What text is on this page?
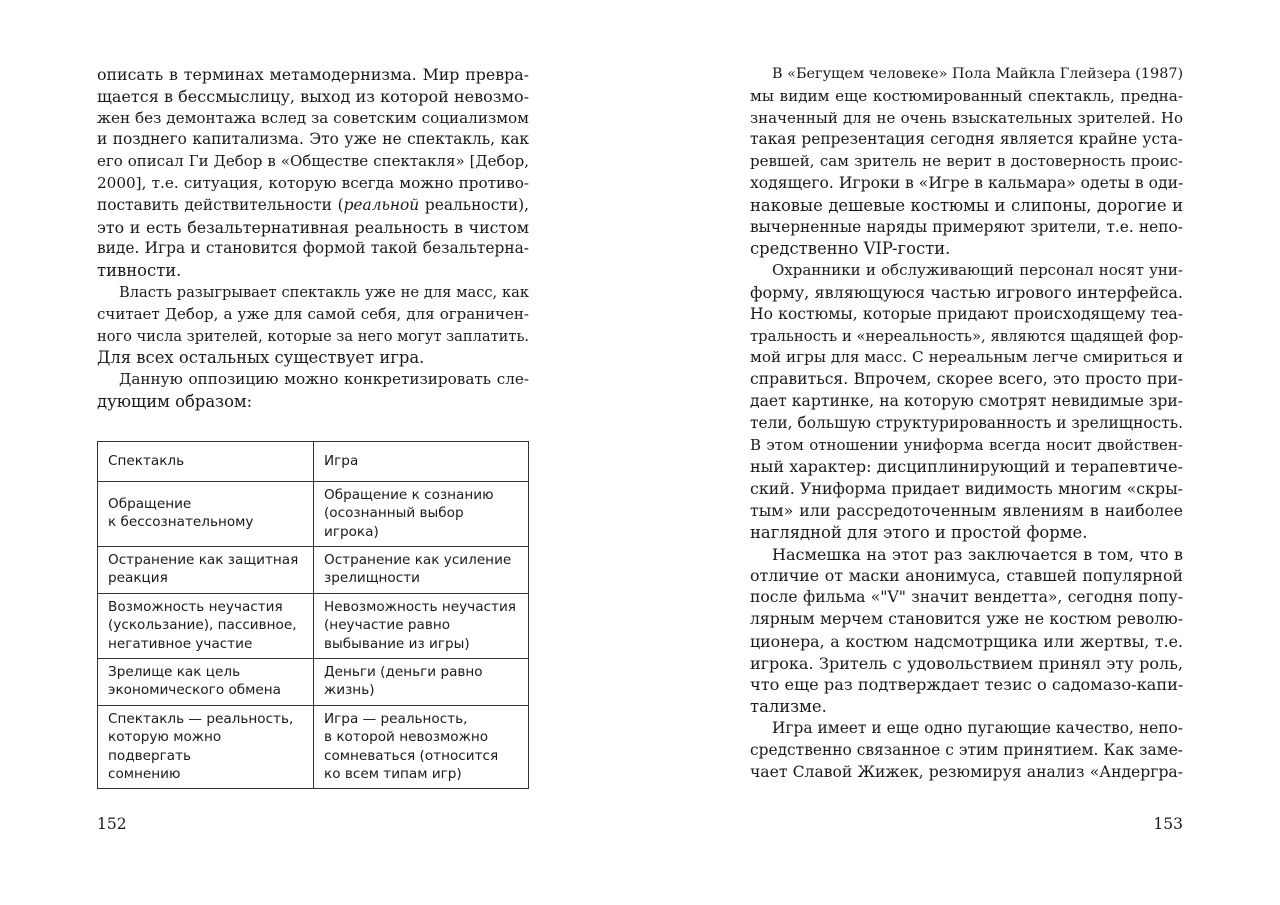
описать в терминах метамодернизма. Мир превра-
щается в бессмыслицу, выход из которой невозмо-
жен без демонтажа вслед за советским социализмом
и позднего капитализма. Это уже не спектакль, как
его описал Ги Дебор в «Обществе спектакля» [Дебор,
2000], т.е. ситуация, которую всегда можно противо-
поставить действительности (реальной реальности),
это и есть безальтернативная реальность в чистом
виде. Игра и становится формой такой безальтерна-
тивности.

Власть разыгрывает спектакль уже не для масс, как
считает Дебор, а уже для самой себя, для ограничен-
ного числа зрителей, которые за него могут заплатить.
Для всех остальных существует игра.

Данную оппозицию можно конкретизировать сле-
дующим образом:

Спектакль	Игра

Обращение
к бессознательному	Обращение к сознанию
(осознанный выбор
игрока)

Остранение как защитная
реакция	Остранение как усиление
зрелищности

Возможность неучастия
(ускользание), пассивное,
негативное участие	Невозможность неучастия
(неучастие равно
выбывание из игры)

Зрелище как цель
экономического обмена	Деньги (деньги равно
жизнь)

Спектакль — реальность,
которую можно подвергать
сомнению	Игра — реальность,
в которой невозможно
сомневаться (относится
ко всем типам игр)
152

В «Бегущем человеке» Пола Майкла Глейзера (1987)
мы видим еще костюмированный спектакль, предна-
значенный для не очень взыскательных зрителей. Но
такая репрезентация сегодня является крайне уста-
ревшей, сам зритель не верит в достоверность проис-
ходящего. Игроки в «Игре в кальмара» одеты в оди-
наковые дешевые костюмы и слипоны, дорогие и
вычерненные наряды примеряют зрители, т.е. непо-
средственно VIP-гости.

Охранники и обслуживающий персонал носят уни-
форму, являющуюся частью игрового интерфейса.
Но костюмы, которые придают происходящему теа-
тральность и «нереальность», являются щадящей фор-
мой игры для масс. С нереальным легче смириться и
справиться. Впрочем, скорее всего, это просто при-
дает картинке, на которую смотрят невидимые зри-
тели, большую структурированность и зрелищность.
В этом отношении униформа всегда носит двойствен-
ный характер: дисциплинирующий и терапевтиче-
ский. Униформа придает видимость многим «скры-
тым» или рассредоточенным явлениям в наиболее
наглядной для этого и простой форме.

Насмешка на этот раз заключается в том, что в
отличие от маски анонимуса, ставшей популярной
после фильма «"V" значит вендетта», сегодня попу-
лярным мерчем становится уже не костюм револю-
ционера, а костюм надсмотрщика или жертвы, т.е.
игрока. Зритель с удовольствием принял эту роль,
что еще раз подтверждает тезис о садомазо-капи-
тализме.

Игра имеет и еще одно пугающие качество, непо-
средственно связанное с этим принятием. Как заме-
чает Славой Жижек, резюмируя анализ «Андергра-

153
